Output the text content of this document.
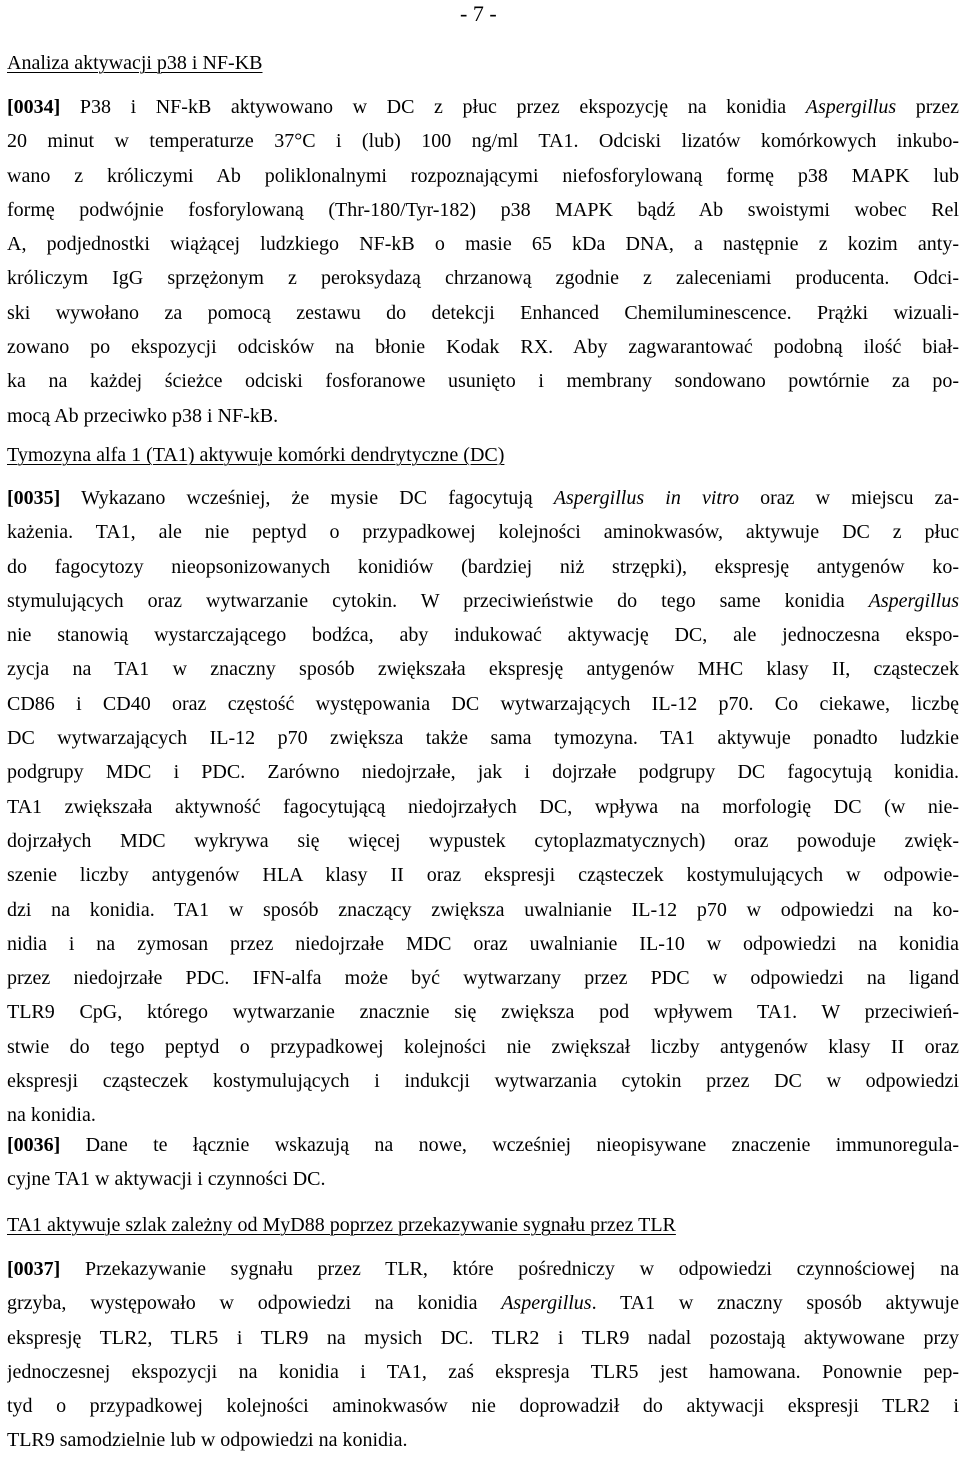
- 7 -
Analiza aktywacji p38 i NF-KB
[0034] P38 i NF-kB aktywowano w DC z płuc przez ekspozycję na konidia Aspergillus przez
20 minut w temperaturze 37°C i (lub) 100 ng/ml TA1. Odciski lizatów komórkowych inkubo-
wano z króliczymi Ab poliklonalnymi rozpoznającymi niefosforylowaną formę p38 MAPK lub
formę podwójnie fosforylowaną (Thr-180/Tyr-182) p38 MAPK bądź Ab swoistymi wobec Rel
A, podjednostki wiążącej ludzkiego NF-kB o masie 65 kDa DNA, a następnie z kozim anty-
króliczym IgG sprzężonym z peroksydazą chrzanową zgodnie z zaleceniami producenta. Odci-
ski wywołano za pomocą zestawu do detekcji Enhanced Chemiluminescence. Prążki wizuali-
zowano po ekspozycji odcisków na błonie Kodak RX. Aby zagwarantować podobną ilość biał-
ka na każdej ścieżce odciski fosforanowe usunięto i membrany sondowano powtórnie za po-
mocą Ab przeciwko p38 i NF-kB.
Tymozyna alfa 1 (TA1) aktywuje komórki dendrytyczne (DC)
[0035] Wykazano wcześniej, że mysie DC fagocytują Aspergillus in vitro oraz w miejscu za-
każenia. TA1, ale nie peptyd o przypadkowej kolejności aminokwasów, aktywuje DC z płuc
do fagocytozy nieopsonizowanych konidiów (bardziej niż strzępki), ekspresję antygenów ko-
stymulujących oraz wytwarzanie cytokin. W przeciwieństwie do tego same konidia Aspergillus
nie stanowią wystarczającego bodźca, aby indukować aktywację DC, ale jednoczesna ekspo-
zycja na TA1 w znaczny sposób zwiększała ekspresję antygenów MHC klasy II, cząsteczek
CD86 i CD40 oraz częstość występowania DC wytwarzających IL-12 p70. Co ciekawe, liczbę
DC wytwarzających IL-12 p70 zwiększa także sama tymozyna. TA1 aktywuje ponadto ludzkie
podgrupy MDC i PDC. Zarówno niedojrzałe, jak i dojrzałe podgrupy DC fagocytują konidia.
TA1 zwiększała aktywność fagocytującą niedojrzałych DC, wpływa na morfologię DC (w nie-
dojrzałych MDC wykrywa się więcej wypustek cytoplazmatycznych) oraz powoduje zwięk-
szenie liczby antygenów HLA klasy II oraz ekspresji cząsteczek kostymulujących w odpowie-
dzi na konidia. TA1 w sposób znaczący zwiększa uwalnianie IL-12 p70 w odpowiedzi na ko-
nidia i na zymosan przez niedojrzałe MDC oraz uwalnianie IL-10 w odpowiedzi na konidia
przez niedojrzałe PDC. IFN-alfa może być wytwarzany przez PDC w odpowiedzi na ligand
TLR9 CpG, którego wytwarzanie znacznie się zwiększa pod wpływem TA1. W przeciwień-
stwie do tego peptyd o przypadkowej kolejności nie zwiększał liczby antygenów klasy II oraz
ekspresji cząsteczek kostymulujących i indukcji wytwarzania cytokin przez DC w odpowiedzi
na konidia.
[0036] Dane te łącznie wskazują na nowe, wcześniej nieopisywane znaczenie immunoregula-
cyjne TA1 w aktywacji i czynności DC.
TA1 aktywuje szlak zależny od MyD88 poprzez przekazywanie sygnału przez TLR
[0037] Przekazywanie sygnału przez TLR, które pośredniczy w odpowiedzi czynnościowej na
grzyba, występowało w odpowiedzi na konidia Aspergillus. TA1 w znaczny sposób aktywuje
ekspresję TLR2, TLR5 i TLR9 na mysich DC. TLR2 i TLR9 nadal pozostają aktywowane przy
jednoczesnej ekspozycji na konidia i TA1, zaś ekspresja TLR5 jest hamowana. Ponownie pep-
tyd o przypadkowej kolejności aminokwasów nie doprowadził do aktywacji ekspresji TLR2 i
TLR9 samodzielnie lub w odpowiedzi na konidia.
